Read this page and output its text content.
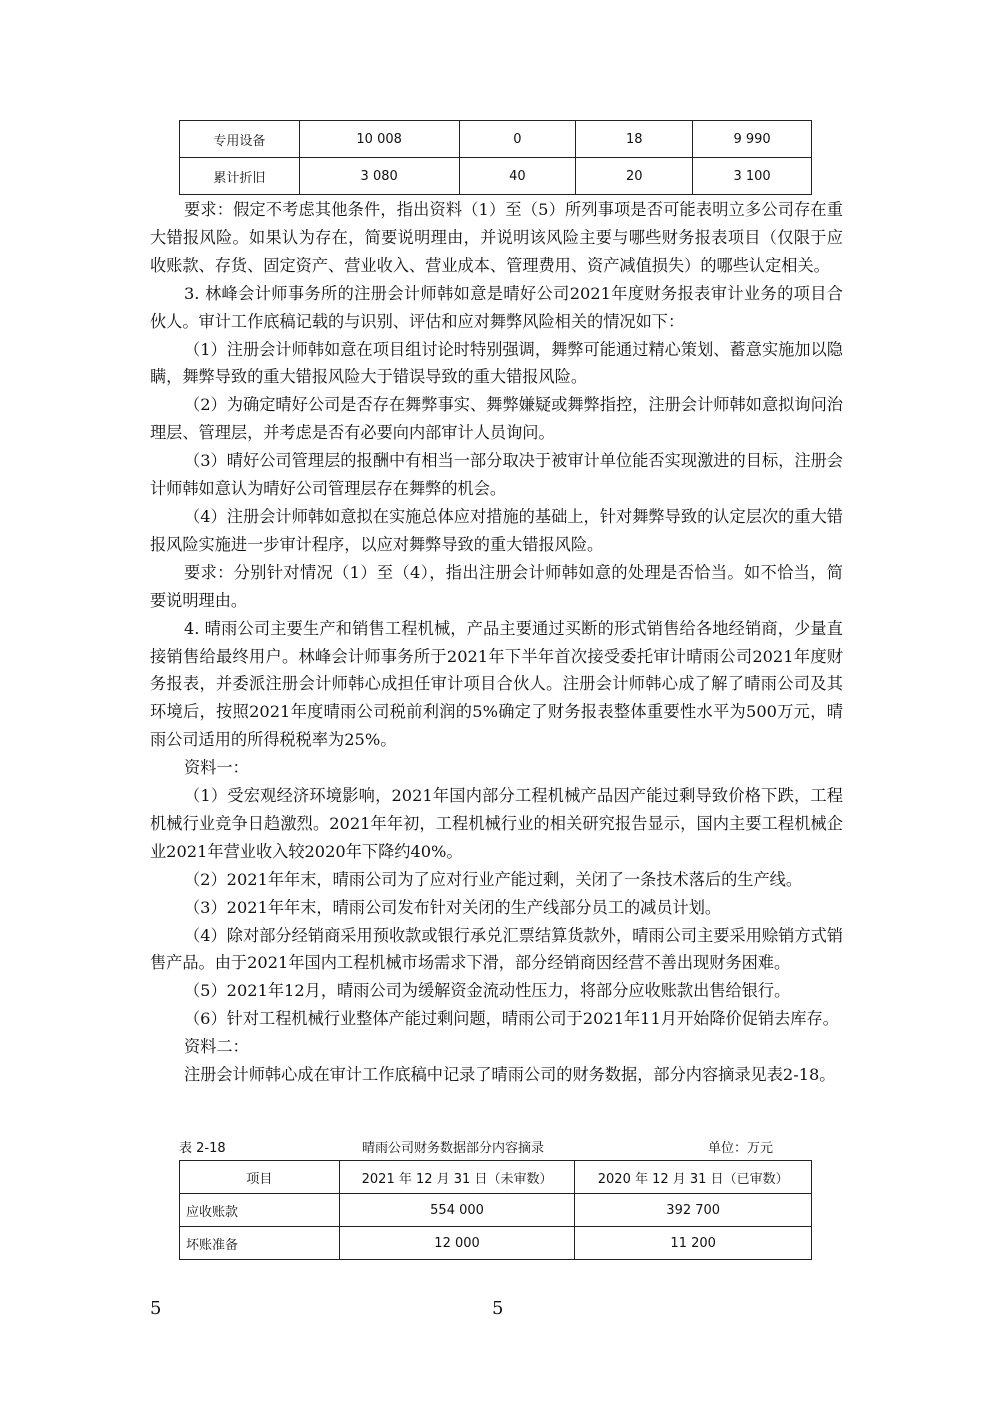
专用设备	10 008	0	18	9 990
累计折旧	3 080	40	20	3 100
要求：假定不考虑其他条件，指出资料（1）至（5）所列事项是否可能表明立多公司存在重大错报风险。如果认为存在，简要说明理由，并说明该风险主要与哪些财务报表项目（仅限于应收账款、存货、固定资产、营业收入、营业成本、管理费用、资产减值损失）的哪些认定相关。
3. 林峰会计师事务所的注册会计师韩如意是晴好公司2021年度财务报表审计业务的项目合伙人。审计工作底稿记载的与识别、评估和应对舞弊风险相关的情况如下：
（1）注册会计师韩如意在项目组讨论时特别强调，舞弊可能通过精心策划、蓄意实施加以隐瞒，舞弊导致的重大错报风险大于错误导致的重大错报风险。
（2）为确定晴好公司是否存在舞弊事实、舞弊嫌疑或舞弊指控，注册会计师韩如意拟询问治理层、管理层，并考虑是否有必要向内部审计人员询问。
（3）晴好公司管理层的报酬中有相当一部分取决于被审计单位能否实现激进的目标，注册会计师韩如意认为晴好公司管理层存在舞弊的机会。
（4）注册会计师韩如意拟在实施总体应对措施的基础上，针对舞弊导致的认定层次的重大错报风险实施进一步审计程序，以应对舞弊导致的重大错报风险。
要求：分别针对情况（1）至（4），指出注册会计师韩如意的处理是否恰当。如不恰当，简要说明理由。
4. 晴雨公司主要生产和销售工程机械，产品主要通过买断的形式销售给各地经销商，少量直接销售给最终用户。林峰会计师事务所于2021年下半年首次接受委托审计晴雨公司2021年度财务报表，并委派注册会计师韩心成担任审计项目合伙人。注册会计师韩心成了解了晴雨公司及其环境后，按照2021年度晴雨公司税前利润的5%确定了财务报表整体重要性水平为500万元，晴雨公司适用的所得税税率为25%。
资料一：
（1）受宏观经济环境影响，2021年国内部分工程机械产品因产能过剩导致价格下跌，工程机械行业竞争日趋激烈。2021年年初，工程机械行业的相关研究报告显示，国内主要工程机械企业2021年营业收入较2020年下降约40%。
（2）2021年年末，晴雨公司为了应对行业产能过剩，关闭了一条技术落后的生产线。
（3）2021年年末，晴雨公司发布针对关闭的生产线部分员工的减员计划。
（4）除对部分经销商采用预收款或银行承兑汇票结算货款外，晴雨公司主要采用赊销方式销售产品。由于2021年国内工程机械市场需求下滑，部分经销商因经营不善出现财务困难。
（5）2021年12月，晴雨公司为缓解资金流动性压力，将部分应收账款出售给银行。
（6）针对工程机械行业整体产能过剩问题，晴雨公司于2021年11月开始降价促销去库存。
资料二：
注册会计师韩心成在审计工作底稿中记录了晴雨公司的财务数据，部分内容摘录见表2-18。
表 2-18	晴雨公司财务数据部分内容摘录	单位：万元
项目	2021 年 12 月 31 日（未审数）	2020 年 12 月 31 日（已审数）
应收账款	554 000	392 700
坏账准备	12 000	11 200
5	5
